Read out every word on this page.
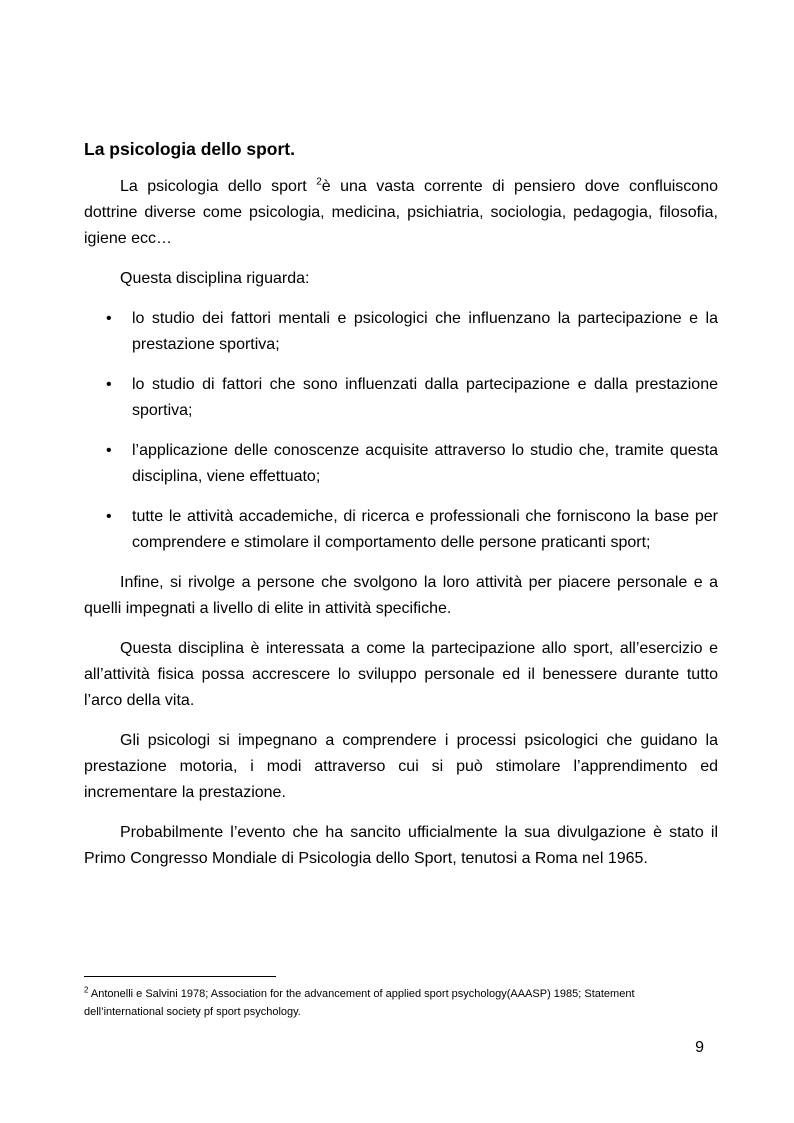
La psicologia dello sport.

La psicologia dello sport $^2$è una vasta corrente di pensiero dove confluiscono dottrine diverse come psicologia, medicina, psichiatria, sociologia, pedagogia, filosofia, igiene ecc…

Questa disciplina riguarda:

• lo studio dei fattori mentali e psicologici che influenzano la partecipazione e la prestazione sportiva;
• lo studio di fattori che sono influenzati dalla partecipazione e dalla prestazione sportiva;
• l’applicazione delle conoscenze acquisite attraverso lo studio che, tramite questa disciplina, viene effettuato;
• tutte le attività accademiche, di ricerca e professionali che forniscono la base per comprendere e stimolare il comportamento delle persone praticanti sport;

Infine, si rivolge a persone che svolgono la loro attività per piacere personale e a quelli impegnati a livello di elite in attività specifiche.

Questa disciplina è interessata a come la partecipazione allo sport, all’esercizio e all’attività fisica possa accrescere lo sviluppo personale ed il benessere durante tutto l’arco della vita.

Gli psicologi si impegnano a comprendere i processi psicologici che guidano la prestazione motoria, i modi attraverso cui si può stimolare l’apprendimento ed incrementare la prestazione.

Probabilmente l’evento che ha sancito ufficialmente la sua divulgazione è stato il Primo Congresso Mondiale di Psicologia dello Sport, tenutosi a Roma nel 1965.

$^2$ Antonelli e Salvini 1978; Association for the advancement of applied sport psychology(AAASP) 1985; Statement dell’international society pf sport psychology.
9
